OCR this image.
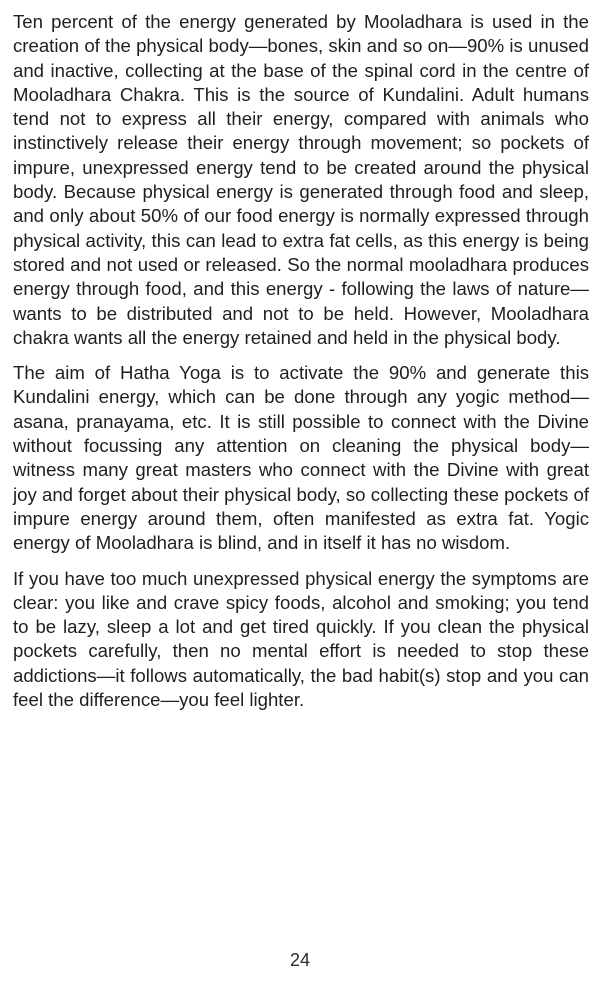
Ten percent of the energy generated by Mooladhara is used in the creation of the physical body—bones, skin and so on—90% is unused and inactive, collecting at the base of the spinal cord in the centre of Mooladhara Chakra. This is the source of Kundalini. Adult humans tend not to express all their energy, compared with animals who instinctively release their energy through movement; so pockets of impure, unexpressed energy tend to be created around the physical body. Because physical energy is generated through food and sleep, and only about 50% of our food energy is normally expressed through physical activity, this can lead to extra fat cells, as this energy is being stored and not used or released. So the normal mooladhara produces energy through food, and this energy - following the laws of nature—wants to be distributed and not to be held. However, Mooladhara chakra wants all the energy retained and held in the physical body.

The aim of Hatha Yoga is to activate the 90% and generate this Kundalini energy, which can be done through any yogic method—asana, pranayama, etc. It is still possible to connect with the Divine without focussing any attention on cleaning the physical body—witness many great masters who connect with the Divine with great joy and forget about their physical body, so collecting these pockets of impure energy around them, often manifested as extra fat. Yogic energy of Mooladhara is blind, and in itself it has no wisdom.

If you have too much unexpressed physical energy the symptoms are clear: you like and crave spicy foods, alcohol and smoking; you tend to be lazy, sleep a lot and get tired quickly. If you clean the physical pockets carefully, then no mental effort is needed to stop these addictions—it follows automatically, the bad habit(s) stop and you can feel the difference—you feel lighter.

24
